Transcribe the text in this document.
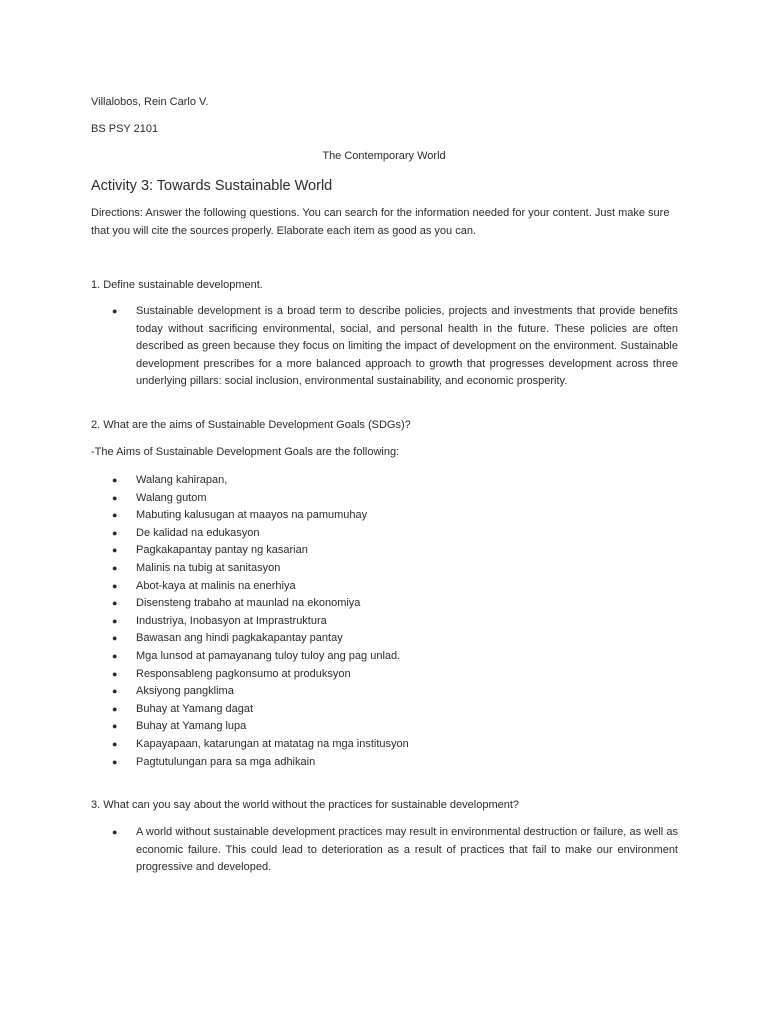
Villalobos, Rein Carlo V.
BS PSY 2101
The Contemporary World
Activity 3: Towards Sustainable World
Directions: Answer the following questions. You can search for the information needed for your content. Just make sure that you will cite the sources properly. Elaborate each item as good as you can.
1. Define sustainable development.
●	Sustainable development is a broad term to describe policies, projects and investments that provide benefits today without sacrificing environmental, social, and personal health in the future. These policies are often described as green because they focus on limiting the impact of development on the environment. Sustainable development prescribes for a more balanced approach to growth that progresses development across three underlying pillars: social inclusion, environmental sustainability, and economic prosperity.
2. What are the aims of Sustainable Development Goals (SDGs)?
-The Aims of Sustainable Development Goals are the following:
● Walang kahirapan,
● Walang gutom
● Mabuting kalusugan at maayos na pamumuhay
● De kalidad na edukasyon
● Pagkakapantay pantay ng kasarian
● Malinis na tubig at sanitasyon
● Abot-kaya at malinis na enerhiya
● Disensteng trabaho at maunlad na ekonomiya
● Industriya, Inobasyon at Imprastruktura
● Bawasan ang hindi pagkakapantay pantay
● Mga lunsod at pamayanang tuloy tuloy ang pag unlad.
● Responsableng pagkonsumo at produksyon
● Aksiyong pangklima
● Buhay at Yamang dagat
● Buhay at Yamang lupa
● Kapayapaan, katarungan at matatag na mga institusyon
● Pagtutulungan para sa mga adhikain
3. What can you say about the world without the practices for sustainable development?
●	A world without sustainable development practices may result in environmental destruction or failure, as well as economic failure. This could lead to deterioration as a result of practices that fail to make our environment progressive and developed.
